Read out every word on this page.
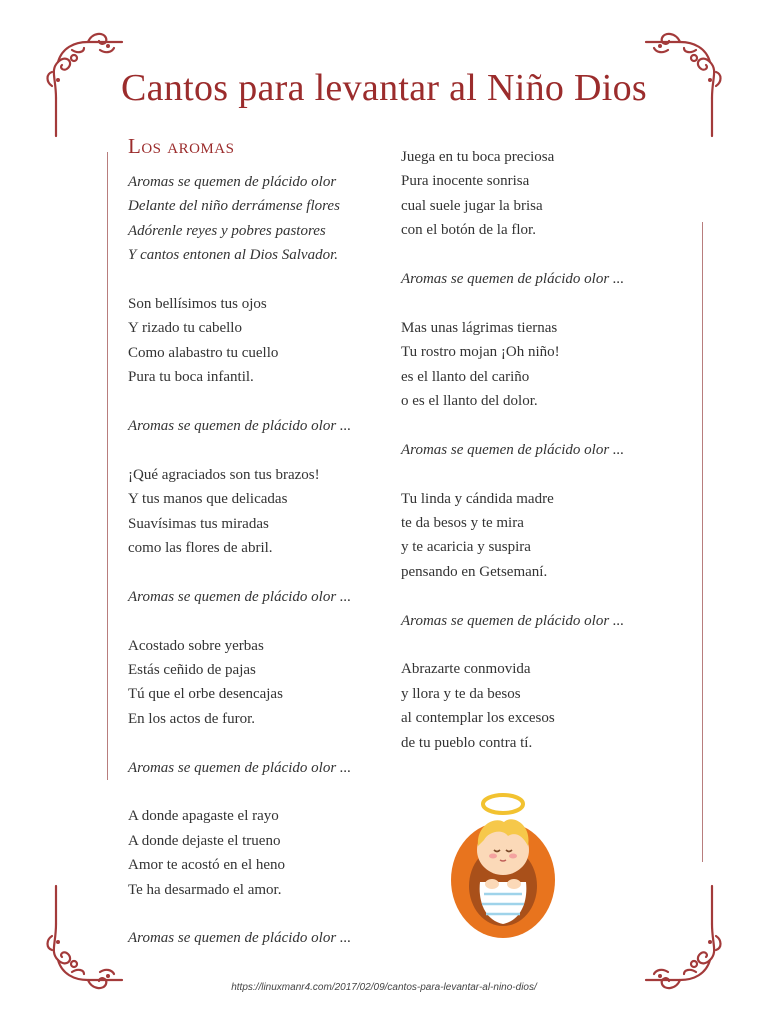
Cantos para levantar al Niño Dios
Los aromas
Aromas se quemen de plácido olor
Delante del niño derrámense flores
Adórenle reyes y pobres pastores
Y cantos entonen al Dios Salvador.
Son bellísimos tus ojos
Y rizado tu cabello
Como alabastro tu cuello
Pura tu boca infantil.
Aromas se quemen de plácido olor ...
¡Qué agraciados son tus brazos!
Y tus manos que delicadas
Suavísimas tus miradas
como las flores de abril.
Aromas se quemen de plácido olor ...
Acostado sobre yerbas
Estás ceñido de pajas
Tú que el orbe desencajas
En los actos de furor.
Aromas se quemen de plácido olor ...
A donde apagaste el rayo
A donde dejaste el trueno
Amor te acostó en el heno
Te ha desarmado el amor.
Aromas se quemen de plácido olor ...
Juega en tu boca preciosa
Pura inocente sonrisa
cual suele jugar la brisa
con el botón de la flor.
Aromas se quemen de plácido olor ...
Mas unas lágrimas tiernas
Tu rostro mojan ¡Oh niño!
es el llanto del cariño
o es el llanto del dolor.
Aromas se quemen de plácido olor ...
Tu linda y cándida madre
te da besos y te mira
y te acaricia y suspira
pensando en Getsemaní.
Aromas se quemen de plácido olor ...
Abrazarte conmovida
y llora y te da besos
al contemplar los excesos
de tu pueblo contra tí.
https://linuxmanr4.com/2017/02/09/cantos-para-levantar-al-nino-dios/
